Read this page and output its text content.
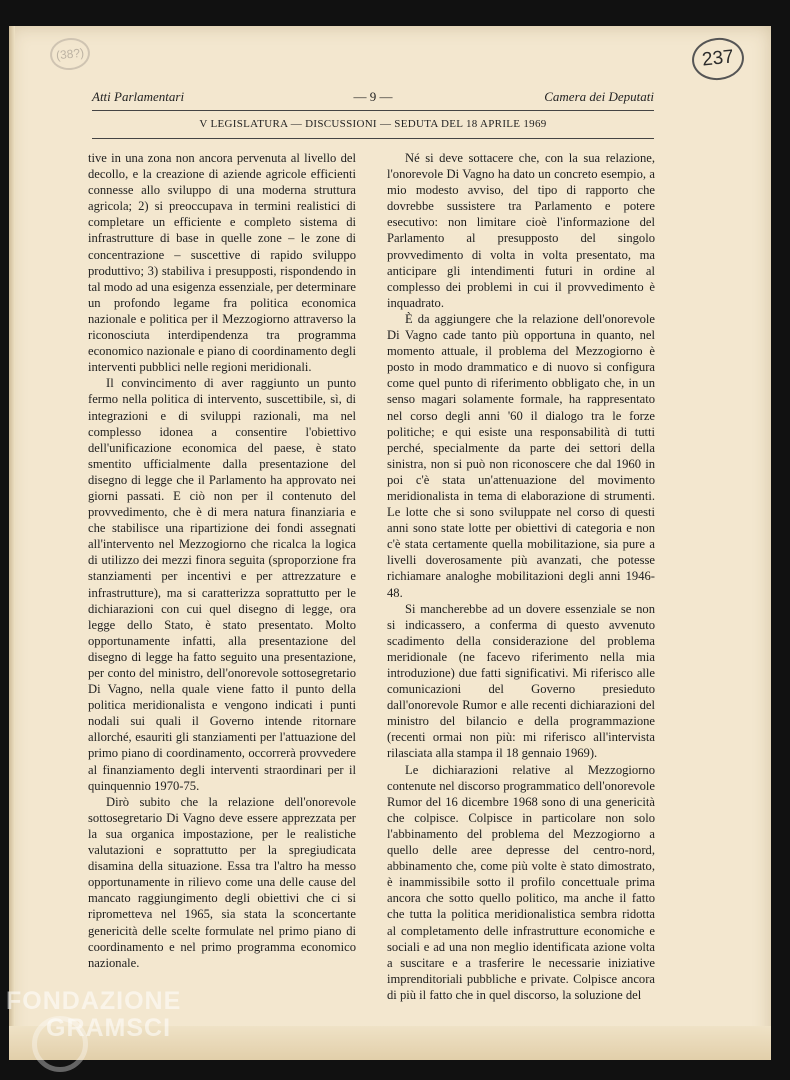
(38?)	237
Atti Parlamentari	— 9 —	Camera dei Deputati
V LEGISLATURA — DISCUSSIONI — SEDUTA DEL 18 APRILE 1969

tive in una zona non ancora pervenuta al livello del decollo, e la creazione di aziende agricole efficienti connesse allo sviluppo di una moderna struttura agricola; 2) si preoccupava in termini realistici di completare un efficiente e completo sistema di infrastrutture di base in quelle zone – le zone di concentrazione – suscettive di rapido sviluppo produttivo; 3) stabiliva i presupposti, rispondendo in tal modo ad una esigenza essenziale, per determinare un profondo legame fra politica economica nazionale e politica per il Mezzogiorno attraverso la riconosciuta interdipendenza tra programma economico nazionale e piano di coordinamento degli interventi pubblici nelle regioni meridionali.

Il convincimento di aver raggiunto un punto fermo nella politica di intervento, suscettibile, sì, di integrazioni e di sviluppi razionali, ma nel complesso idonea a consentire l'obiettivo dell'unificazione economica del paese, è stato smentito ufficialmente dalla presentazione del disegno di legge che il Parlamento ha approvato nei giorni passati. E ciò non per il contenuto del provvedimento, che è di mera natura finanziaria e che stabilisce una ripartizione dei fondi assegnati all'intervento nel Mezzogiorno che ricalca la logica di utilizzo dei mezzi finora seguita (sproporzione fra stanziamenti per incentivi e per attrezzature e infrastrutture), ma si caratterizza soprattutto per le dichiarazioni con cui quel disegno di legge, ora legge dello Stato, è stato presentato. Molto opportunamente infatti, alla presentazione del disegno di legge ha fatto seguito una presentazione, per conto del ministro, dell'onorevole sottosegretario Di Vagno, nella quale viene fatto il punto della politica meridionalista e vengono indicati i punti nodali sui quali il Governo intende ritornare allorché, esauriti gli stanziamenti per l'attuazione del primo piano di coordinamento, occorrerà provvedere al finanziamento degli interventi straordinari per il quinquennio 1970-75.

Dirò subito che la relazione dell'onorevole sottosegretario Di Vagno deve essere apprezzata per la sua organica impostazione, per le realistiche valutazioni e soprattutto per la spregiudicata disamina della situazione. Essa tra l'altro ha messo opportunamente in rilievo come una delle cause del mancato raggiungimento degli obiettivi che ci si riprometteva nel 1965, sia stata la sconcertante genericità delle scelte formulate nel primo piano di coordinamento e nel primo programma economico nazionale.

Né si deve sottacere che, con la sua relazione, l'onorevole Di Vagno ha dato un concreto esempio, a mio modesto avviso, del tipo di rapporto che dovrebbe sussistere tra Parlamento e potere esecutivo: non limitare cioè l'informazione del Parlamento al presupposto del singolo provvedimento di volta in volta presentato, ma anticipare gli intendimenti futuri in ordine al complesso dei problemi in cui il provvedimento è inquadrato.

È da aggiungere che la relazione dell'onorevole Di Vagno cade tanto più opportuna in quanto, nel momento attuale, il problema del Mezzogiorno è posto in modo drammatico e di nuovo si configura come quel punto di riferimento obbligato che, in un senso magari solamente formale, ha rappresentato nel corso degli anni '60 il dialogo tra le forze politiche; e qui esiste una responsabilità di tutti perché, specialmente da parte dei settori della sinistra, non si può non riconoscere che dal 1960 in poi c'è stata un'attenuazione del movimento meridionalista in tema di elaborazione di strumenti. Le lotte che si sono sviluppate nel corso di questi anni sono state lotte per obiettivi di categoria e non c'è stata certamente quella mobilitazione, sia pure a livelli doverosamente più avanzati, che potesse richiamare analoghe mobilitazioni degli anni 1946-48.

Si mancherebbe ad un dovere essenziale se non si indicassero, a conferma di questo avvenuto scadimento della considerazione del problema meridionale (ne facevo riferimento nella mia introduzione) due fatti significativi. Mi riferisco alle comunicazioni del Governo presieduto dall'onorevole Rumor e alle recenti dichiarazioni del ministro del bilancio e della programmazione (recenti ormai non più: mi riferisco all'intervista rilasciata alla stampa il 18 gennaio 1969).

Le dichiarazioni relative al Mezzogiorno contenute nel discorso programmatico dell'onorevole Rumor del 16 dicembre 1968 sono di una genericità che colpisce. Colpisce in particolare non solo l'abbinamento del problema del Mezzogiorno a quello delle aree depresse del centro-nord, abbinamento che, come più volte è stato dimostrato, è inammissibile sotto il profilo concettuale prima ancora che sotto quello politico, ma anche il fatto che tutta la politica meridionalistica sembra ridotta al completamento delle infrastrutture economiche e sociali e ad una non meglio identificata azione volta a suscitare e a trasferire le necessarie iniziative imprenditoriali pubbliche e private. Colpisce ancora di più il fatto che in quel discorso, la soluzione del

FONDAZIONE
GRAMSCI
